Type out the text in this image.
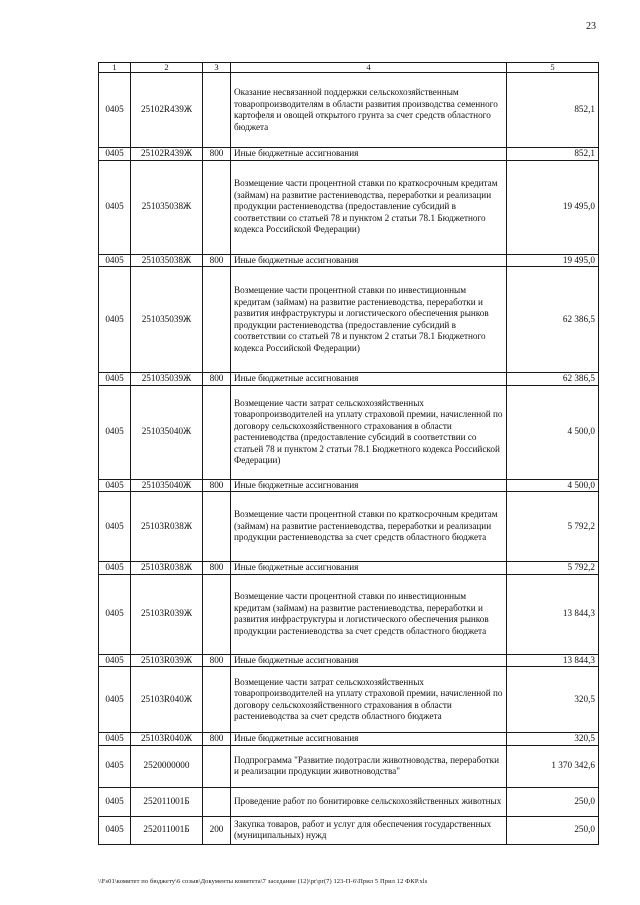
23
1	2	3	4	5
0405	25102R439Ж		Оказание несвязанной поддержки сельскохозяйственным товаропроизводителям в области развития производства семенного картофеля и овощей открытого грунта за счет средств областного бюджета	852,1
0405	25102R439Ж	800	Иные бюджетные ассигнования	852,1
0405	251035038Ж		Возмещение части процентной ставки по краткосрочным кредитам (займам) на развитие растениеводства, переработки и реализации продукции растениеводства (предоставление субсидий в соответствии со статьей 78 и пунктом 2 статьи 78.1 Бюджетного кодекса Российской Федерации)	19 495,0
0405	251035038Ж	800	Иные бюджетные ассигнования	19 495,0
0405	251035039Ж		Возмещение части процентной ставки по инвестиционным кредитам (займам) на развитие растениеводства, переработки и развития инфраструктуры и логистического обеспечения рынков продукции растениеводства (предоставление субсидий в соответствии со статьей 78 и пунктом 2 статьи 78.1 Бюджетного кодекса Российской Федерации)	62 386,5
0405	251035039Ж	800	Иные бюджетные ассигнования	62 386,5
0405	251035040Ж		Возмещение части затрат сельскохозяйственных товаропроизводителей на уплату страховой премии, начисленной по договору сельскохозяйственного страхования в области растениеводства (предоставление субсидий в соответствии со статьей 78 и пунктом 2 статьи 78.1 Бюджетного кодекса Российской Федерации)	4 500,0
0405	251035040Ж	800	Иные бюджетные ассигнования	4 500,0
0405	25103R038Ж		Возмещение части процентной ставки по краткосрочным кредитам (займам) на развитие растениеводства, переработки и реализации продукции растениеводства за счет средств областного бюджета	5 792,2
0405	25103R038Ж	800	Иные бюджетные ассигнования	5 792,2
0405	25103R039Ж		Возмещение части процентной ставки по инвестиционным кредитам (займам) на развитие растениеводства, переработки и развития инфраструктуры и логистического обеспечения рынков продукции растениеводства за счет средств областного бюджета	13 844,3
0405	25103R039Ж	800	Иные бюджетные ассигнования	13 844,3
0405	25103R040Ж		Возмещение части затрат сельскохозяйственных товаропроизводителей на уплату страховой премии, начисленной по договору сельскохозяйственного страхования в области растениеводства за счет средств областного бюджета	320,5
0405	25103R040Ж	800	Иные бюджетные ассигнования	320,5
0405	2520000000		Подпрограмма "Развитие подотрасли животноводства, переработки и реализации продукции животноводства"	1 370 342,6
0405	252011001Б		Проведение работ по бонитировке сельскохозяйственных животных	250,0
0405	252011001Б	200	Закупка товаров, работ и услуг для обеспечения государственных (муниципальных) нужд	250,0
\\Fs01\комитет по бюджету\6 созыв\Документы комитета\7 заседание (12)\pr\pr(7) 123-П-6\Прил 5 Прил 12 ФКР.xls
